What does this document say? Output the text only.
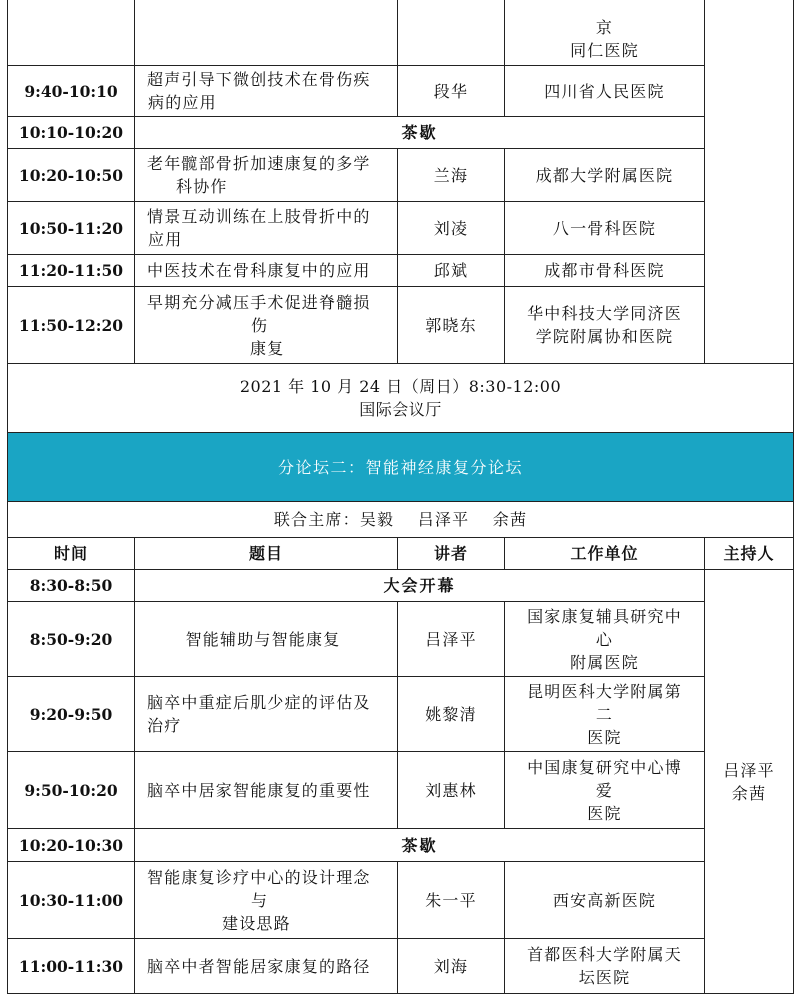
			京
同仁医院	

9:40-10:10	超声引导下微创技术在骨伤疾
病的应用	段华	四川省人民医院	
10:10-10:20	茶歇			
10:20-10:50	老年髋部骨折加速康复的多学
科协作	兰海	成都大学附属医院	
10:50-11:20	情景互动训练在上肢骨折中的
应用	刘凌	八一骨科医院	
11:20-11:50	中医技术在骨科康复中的应用	邱斌	成都市骨科医院	
11:50-12:20	早期充分减压手术促进脊髓损
伤
康复	郭晓东	华中科技大学同济医
学院附属协和医院	

2021 年 10 月 24 日（周日）8:30-12:00
国际会议厅				

分论坛二：智能神经康复分论坛				
联合主席：吴毅　 吕泽平　 余茜				
时间	题目	讲者	工作单位	主持人
8:30-8:50	大会开幕			吕泽平
余茜

8:50-9:20	智能辅助与智能康复	吕泽平	国家康复辅具研究中
心
附属医院	

9:20-9:50	脑卒中重症后肌少症的评估及
治疗	姚黎清	昆明医科大学附属第
二
医院	

9:50-10:20	脑卒中居家智能康复的重要性	刘惠林	中国康复研究中心博
爱
医院	

10:20-10:30	茶歇			
10:30-11:00	智能康复诊疗中心的设计理念
与
建设思路	朱一平	西安高新医院	
11:00-11:30	脑卒中者智能居家康复的路径	刘海	首都医科大学附属天
坛医院	
